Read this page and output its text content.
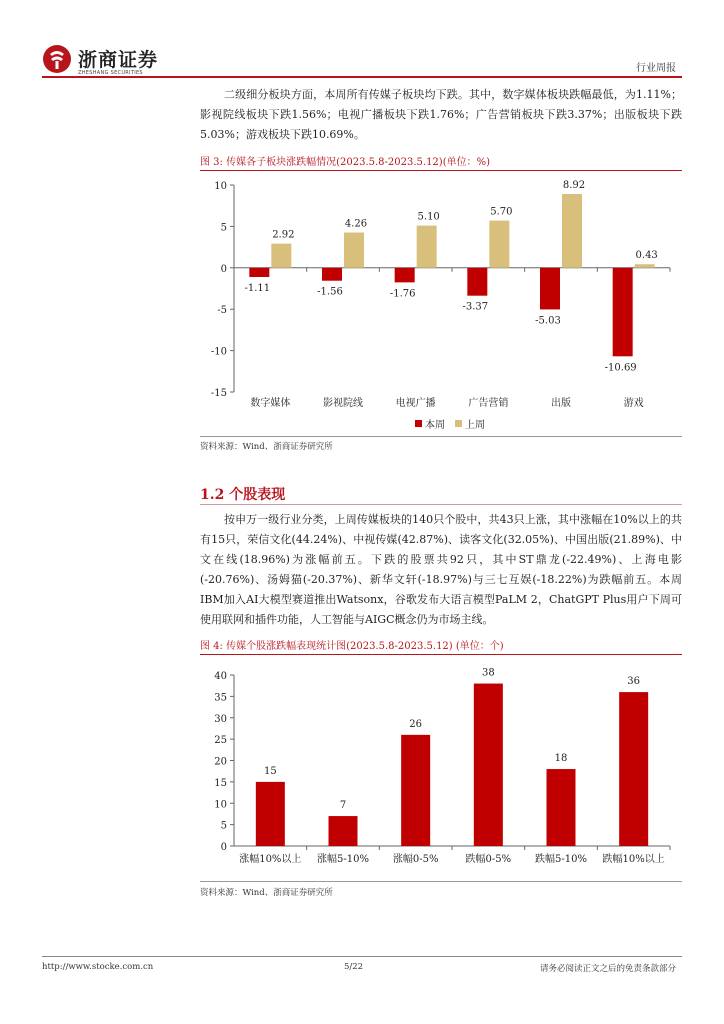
浙商证券
ZHESHANG SECURITIES	行业周报

二级细分板块方面，本周所有传媒子板块均下跌。其中，数字媒体板块跌幅最低，为1.11%；影视院线板块下跌1.56%；电视广播板块下跌1.76%；广告营销板块下跌3.37%；出版板块下跌5.03%；游戏板块下跌10.69%。

图 3: 传媒各子板块涨跌幅情况(2023.5.8-2023.5.12)(单位：%)
10
5
0
-5
-10
-15
-1.11
2.92
数字媒体
-1.56
4.26
影视院线
-1.76
5.10
电视广播
-3.37
5.70
广告营销
-5.03
8.92
出版
-10.69
0.43
游戏
本周 上周
资料来源：Wind、浙商证券研究所
1.2 个股表现

按申万一级行业分类，上周传媒板块的140只个股中，共43只上涨，其中涨幅在10%以上的共有15只，荣信文化(44.24%)、中视传媒(42.87%)、读客文化(32.05%)、中国出版(21.89%)、中文在线(18.96%)为涨幅前五。下跌的股票共92只，其中ST鼎龙(-22.49%)、上海电影(-20.76%)、汤姆猫(-20.37%)、新华文轩(-18.97%)与三七互娱(-18.22%)为跌幅前五。本周IBM加入AI大模型赛道推出Watsonx，谷歌发布大语言模型PaLM 2，ChatGPT Plus用户下周可使用联网和插件功能，人工智能与AIGC概念仍为市场主线。

图 4: 传媒个股涨跌幅表现统计图(2023.5.8-2023.5.12) (单位：个)
0
5
10
15
20
25
30
35
40
15
涨幅10%以上
7
涨幅5-10%
26
涨幅0-5%
38
跌幅0-5%
18
跌幅5-10%
36
跌幅10%以上
资料来源：Wind、浙商证券研究所
http://www.stocke.com.cn	5/22	请务必阅读正文之后的免责条款部分
